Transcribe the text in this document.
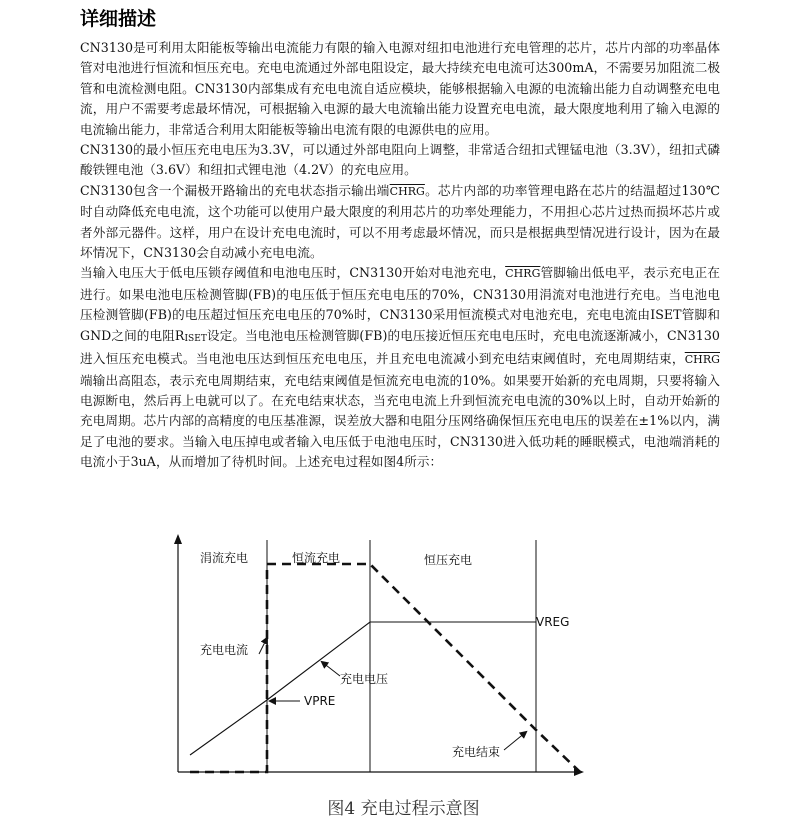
详细描述

CN3130是可利用太阳能板等输出电流能力有限的输入电源对纽扣电池进行充电管理的芯片，芯片内部的功率晶体管对电池进行恒流和恒压充电。充电电流通过外部电阻设定，最大持续充电电流可达300mA，不需要另加阻流二极管和电流检测电阻。CN3130内部集成有充电电流自适应模块，能够根据输入电源的电流输出能力自动调整充电电流，用户不需要考虑最坏情况，可根据输入电源的最大电流输出能力设置充电电流，最大限度地利用了输入电源的电流输出能力，非常适合利用太阳能板等输出电流有限的电源供电的应用。

CN3130的最小恒压充电电压为3.3V，可以通过外部电阻向上调整，非常适合纽扣式锂锰电池（3.3V），纽扣式磷酸铁锂电池（3.6V）和纽扣式锂电池（4.2V）的充电应用。

CN3130包含一个漏极开路输出的充电状态指示输出端CHRG。芯片内部的功率管理电路在芯片的结温超过130℃时自动降低充电电流，这个功能可以使用户最大限度的利用芯片的功率处理能力，不用担心芯片过热而损坏芯片或者外部元器件。这样，用户在设计充电电流时，可以不用考虑最坏情况，而只是根据典型情况进行设计，因为在最坏情况下，CN3130会自动减小充电电流。

当输入电压大于低电压锁存阈值和电池电压时，CN3130开始对电池充电，CHRG管脚输出低电平，表示充电正在进行。如果电池电压检测管脚(FB)的电压低于恒压充电电压的70%，CN3130用涓流对电池进行充电。当电池电压检测管脚(FB)的电压超过恒压充电电压的70%时，CN3130采用恒流模式对电池充电，充电电流由ISET管脚和GND之间的电阻RISET设定。当电池电压检测管脚(FB)的电压接近恒压充电电压时，充电电流逐渐减小，CN3130进入恒压充电模式。当电池电压达到恒压充电电压，并且充电电流减小到充电结束阈值时，充电周期结束，CHRG端输出高阻态，表示充电周期结束，充电结束阈值是恒流充电电流的10%。如果要开始新的充电周期，只要将输入电源断电，然后再上电就可以了。在充电结束状态，当充电电流上升到恒流充电电流的30%以上时，自动开始新的充电周期。芯片内部的高精度的电压基准源，误差放大器和电阻分压网络确保恒压充电电压的误差在±1%以内，满足了电池的要求。当输入电压掉电或者输入电压低于电池电压时，CN3130进入低功耗的睡眠模式，电池端消耗的电流小于3uA，从而增加了待机时间。上述充电过程如图4所示：

涓流充电	恒流充电	恒压充电
VREG
充电电流
充电电压
VPRE
充电结束

图4 充电过程示意图
